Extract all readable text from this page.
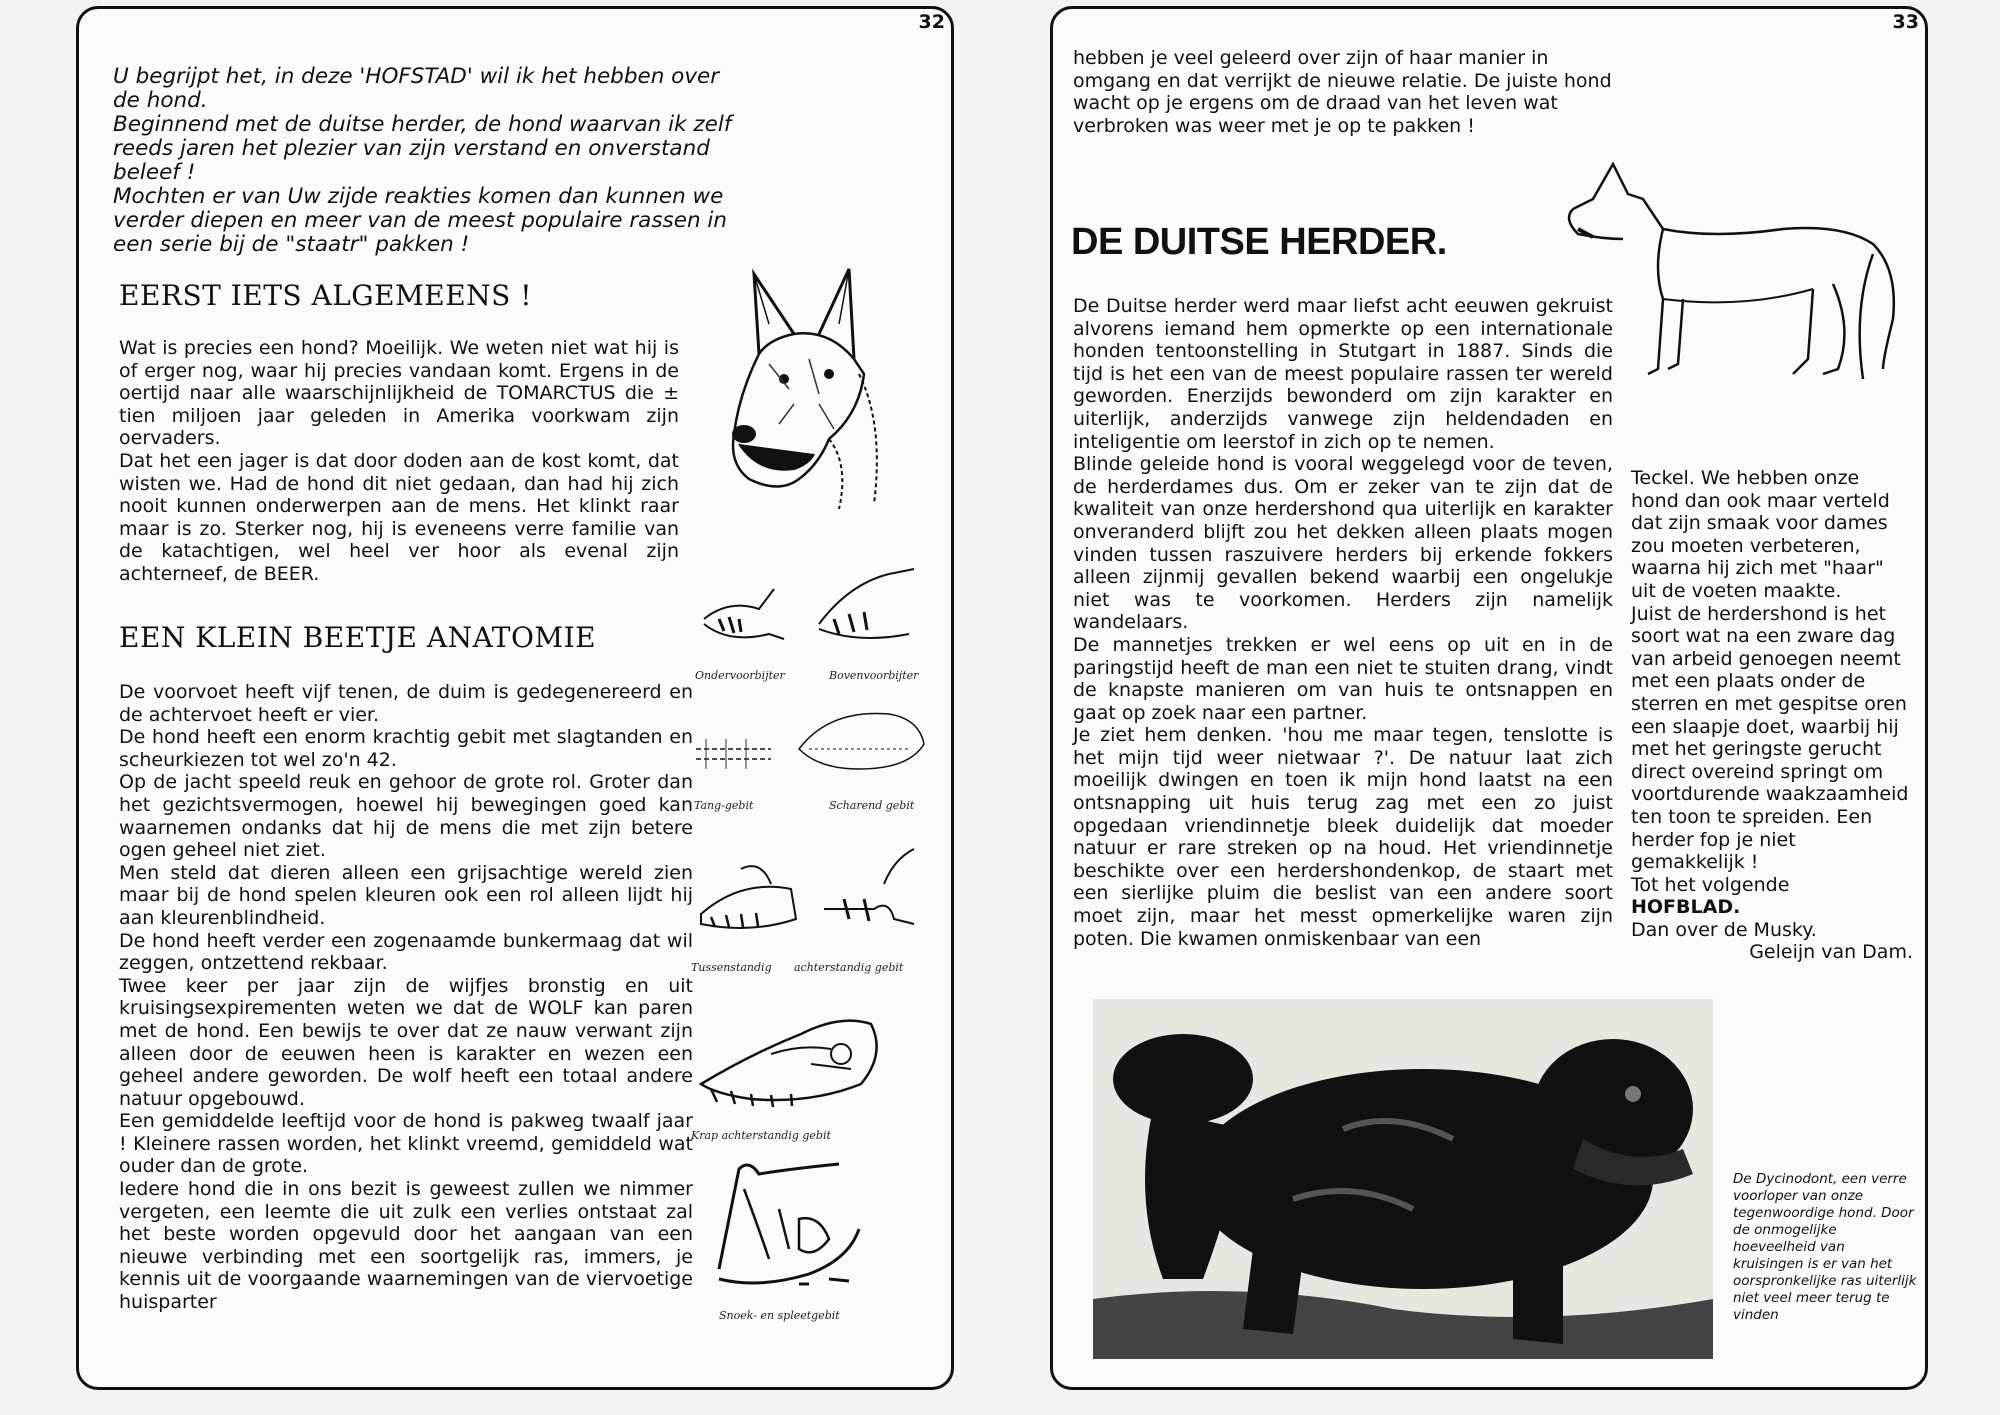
32

U begrijpt het, in deze 'HOFSTAD' wil ik het hebben over de hond.

Beginnend met de duitse herder, de hond waarvan ik zelf reeds jaren het plezier van zijn verstand en onverstand beleef !

Mochten er van Uw zijde reakties komen dan kunnen we verder diepen en meer van de meest populaire rassen in een serie bij de "staatr" pakken !

EERST IETS ALGEMEENS !

Wat is precies een hond? Moeilijk. We weten niet wat hij is of erger nog, waar hij precies vandaan komt. Ergens in de oertijd naar alle waarschijnlijkheid de TOMARCTUS die ± tien miljoen jaar geleden in Amerika voorkwam zijn oervaders.

Dat het een jager is dat door doden aan de kost komt, dat wisten we. Had de hond dit niet gedaan, dan had hij zich nooit kunnen onderwerpen aan de mens. Het klinkt raar maar is zo. Sterker nog, hij is eveneens verre familie van de katachtigen, wel heel ver hoor als evenal zijn achterneef, de BEER.

EEN KLEIN BEETJE ANATOMIE

De voorvoet heeft vijf tenen, de duim is gedegenereerd en de achtervoet heeft er vier.

De hond heeft een enorm krachtig gebit met slagtanden en scheurkiezen tot wel zo'n 42.

Op de jacht speeld reuk en gehoor de grote rol. Groter dan het gezichtsvermogen, hoewel hij bewegingen goed kan waarnemen ondanks dat hij de mens die met zijn betere ogen geheel niet ziet.

Men steld dat dieren alleen een grijsachtige wereld zien maar bij de hond spelen kleuren ook een rol alleen lijdt hij aan kleurenblindheid.

De hond heeft verder een zogenaamde bunkermaag dat wil zeggen, ontzettend rekbaar.

Twee keer per jaar zijn de wijfjes bronstig en uit kruisingsexpirementen weten we dat de WOLF kan paren met de hond. Een bewijs te over dat ze nauw verwant zijn alleen door de eeuwen heen is karakter en wezen een geheel andere geworden. De wolf heeft een totaal andere natuur opgebouwd.

Een gemiddelde leeftijd voor de hond is pakweg twaalf jaar ! Kleinere rassen worden, het klinkt vreemd, gemiddeld wat ouder dan de grote.

Iedere hond die in ons bezit is geweest zullen we nimmer vergeten, een leemte die uit zulk een verlies ontstaat zal het beste worden opgevuld door het aangaan van een nieuwe verbinding met een soortgelijk ras, immers, je kennis uit de voorgaande waarnemingen van de viervoetige huisparter

Ondervoorbijter	Bovenvoorbijter
Tang-gebit	Scharend gebit
Tussenstandig achterstandig gebit
Krap achterstandig gebit
Snoek- en spleetgebit
33

hebben je veel geleerd over zijn of haar manier in omgang en dat verrijkt de nieuwe relatie. De juiste hond wacht op je ergens om de draad van het leven wat verbroken was weer met je op te pakken !

DE DUITSE HERDER.

De Duitse herder werd maar liefst acht eeuwen gekruist alvorens iemand hem opmerkte op een internationale honden tentoonstelling in Stutgart in 1887. Sinds die tijd is het een van de meest populaire rassen ter wereld geworden. Enerzijds bewonderd om zijn karakter en uiterlijk, anderzijds vanwege zijn heldendaden en inteligentie om leerstof in zich op te nemen.

Blinde geleide hond is vooral weggelegd voor de teven, de herderdames dus. Om er zeker van te zijn dat de kwaliteit van onze herdershond qua uiterlijk en karakter onveranderd blijft zou het dekken alleen plaats mogen vinden tussen raszuivere herders bij erkende fokkers alleen zijnmij gevallen bekend waarbij een ongelukje niet was te voorkomen. Herders zijn namelijk wandelaars.

De mannetjes trekken er wel eens op uit en in de paringstijd heeft de man een niet te stuiten drang, vindt de knapste manieren om van huis te ontsnappen en gaat op zoek naar een partner.

Je ziet hem denken. 'hou me maar tegen, tenslotte is het mijn tijd weer nietwaar ?'. De natuur laat zich moeilijk dwingen en toen ik mijn hond laatst na een ontsnapping uit huis terug zag met een zo juist opgedaan vriendinnetje bleek duidelijk dat moeder natuur er rare streken op na houd. Het vriendinnetje beschikte over een herdershondenkop, de staart met een sierlijke pluim die beslist van een andere soort moet zijn, maar het messt opmerkelijke waren zijn poten. Die kwamen onmiskenbaar van een

Teckel. We hebben onze hond dan ook maar verteld dat zijn smaak voor dames zou moeten verbeteren, waarna hij zich met "haar" uit de voeten maakte.

Juist de herdershond is het soort wat na een zware dag van arbeid genoegen neemt met een plaats onder de sterren en met gespitse oren een slaapje doet, waarbij hij met het geringste gerucht direct overeind springt om voortdurende waakzaamheid ten toon te spreiden. Een herder fop je niet gemakkelijk !

Tot het volgende

HOFBLAD.

Dan over de Musky.

Geleijn van Dam.

De Dycinodont, een verre voorloper van onze tegenwoordige hond. Door de onmogelijke hoeveelheid van kruisingen is er van het oorspronkelijke ras uiterlijk niet veel meer terug te vinden
